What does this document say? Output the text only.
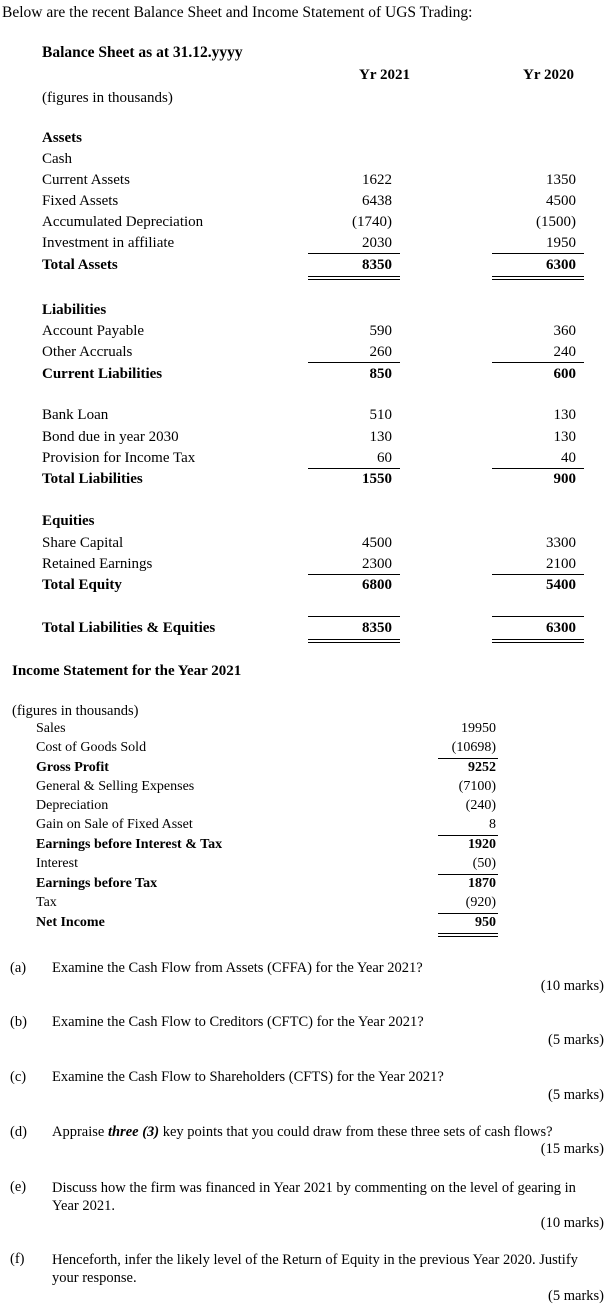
Below are the recent Balance Sheet and Income Statement of UGS Trading:
Balance Sheet as at 31.12.yyyy
(figures in thousands)
Yr 2021	Yr 2020
Assets
Cash
Current Assets	1622	1350
Fixed Assets	6438	4500
Accumulated Depreciation	(1740)	(1500)
Investment in affiliate	2030	1950
Total Assets	8350	6300
Liabilities
Account Payable	590	360
Other Accruals	260	240
Current Liabilities	850	600
Bank Loan	510	130
Bond due in year 2030	130	130
Provision for Income Tax	60	40
Total Liabilities	1550	900
Equities
Share Capital	4500	3300
Retained Earnings	2300	2100
Total Equity	6800	5400
Total Liabilities & Equities	8350	6300
Income Statement for the Year 2021
(figures in thousands)
Sales	19950
Cost of Goods Sold	(10698)
Gross Profit	9252
General & Selling Expenses	(7100)
Depreciation	(240)
Gain on Sale of Fixed Asset	8
Earnings before Interest & Tax	1920
Interest	(50)
Earnings before Tax	1870
Tax	(920)
Net Income	950
(a) Examine the Cash Flow from Assets (CFFA) for the Year 2021?
(10 marks)
(b) Examine the Cash Flow to Creditors (CFTC) for the Year 2021?
(5 marks)
(c) Examine the Cash Flow to Shareholders (CFTS) for the Year 2021?
(5 marks)
(d) Appraise three (3) key points that you could draw from these three sets of cash flows?
(15 marks)
(e) Discuss how the firm was financed in Year 2021 by commenting on the level of gearing in Year 2021.
(10 marks)
(f) Henceforth, infer the likely level of the Return of Equity in the previous Year 2020. Justify your response.
(5 marks)
